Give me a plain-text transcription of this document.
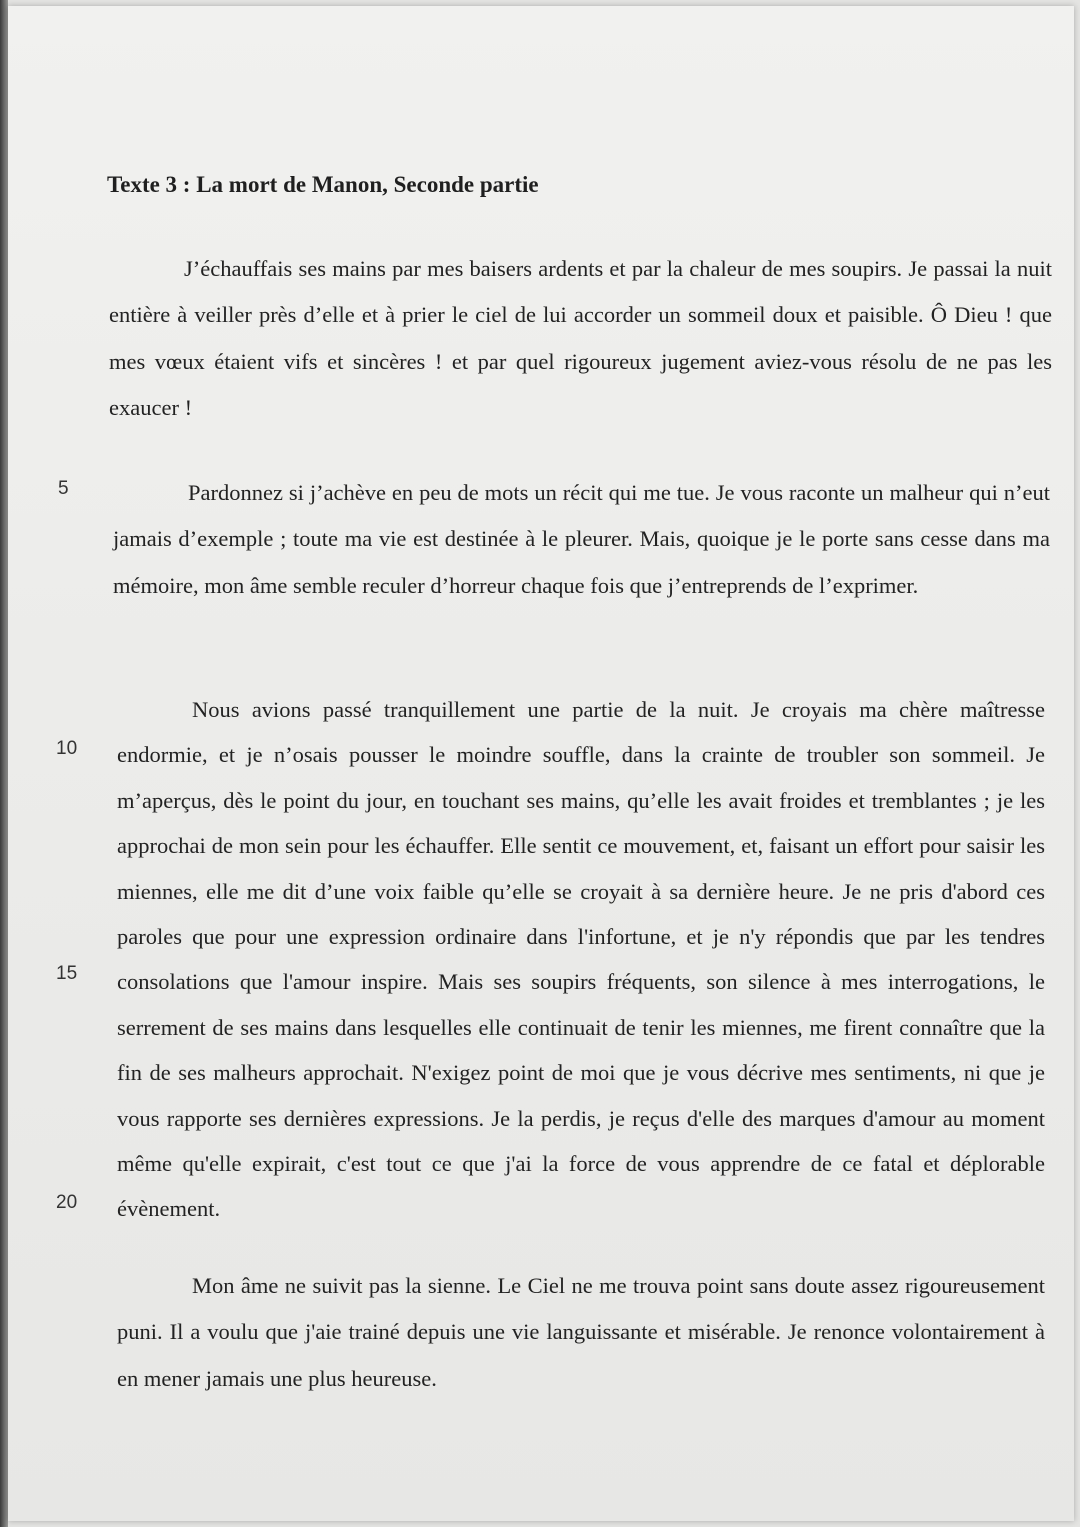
Texte 3 : La mort de Manon, Seconde partie

J’échauffais ses mains par mes baisers ardents et par la chaleur de mes soupirs. Je passai la nuit entière à veiller près d’elle et à prier le ciel de lui accorder un sommeil doux et paisible. Ô Dieu ! que mes vœux étaient vifs et sincères ! et par quel rigoureux jugement aviez-vous résolu de ne pas les exaucer !

Pardonnez si j’achève en peu de mots un récit qui me tue. Je vous raconte un malheur qui n’eut jamais d’exemple ; toute ma vie est destinée à le pleurer. Mais, quoique je le porte sans cesse dans ma mémoire, mon âme semble reculer d’horreur chaque fois que j’entreprends de l’exprimer.

Nous avions passé tranquillement une partie de la nuit. Je croyais ma chère maîtresse endormie, et je n’osais pousser le moindre souffle, dans la crainte de troubler son sommeil. Je m’aperçus, dès le point du jour, en touchant ses mains, qu’elle les avait froides et tremblantes ; je les approchai de mon sein pour les échauffer. Elle sentit ce mouvement, et, faisant un effort pour saisir les miennes, elle me dit d’une voix faible qu’elle se croyait à sa dernière heure. Je ne pris d'abord ces paroles que pour une expression ordinaire dans l'infortune, et je n'y répondis que par les tendres consolations que l'amour inspire. Mais ses soupirs fréquents, son silence à mes interrogations, le serrement de ses mains dans lesquelles elle continuait de tenir les miennes, me firent connaître que la fin de ses malheurs approchait. N'exigez point de moi que je vous décrive mes sentiments, ni que je vous rapporte ses dernières expressions. Je la perdis, je reçus d'elle des marques d'amour au moment même qu'elle expirait, c'est tout ce que j'ai la force de vous apprendre de ce fatal et déplorable évènement.

Mon âme ne suivit pas la sienne. Le Ciel ne me trouva point sans doute assez rigoureusement puni. Il a voulu que j'aie trainé depuis une vie languissante et misérable. Je renonce volontairement à en mener jamais une plus heureuse.

5
10
15
20
